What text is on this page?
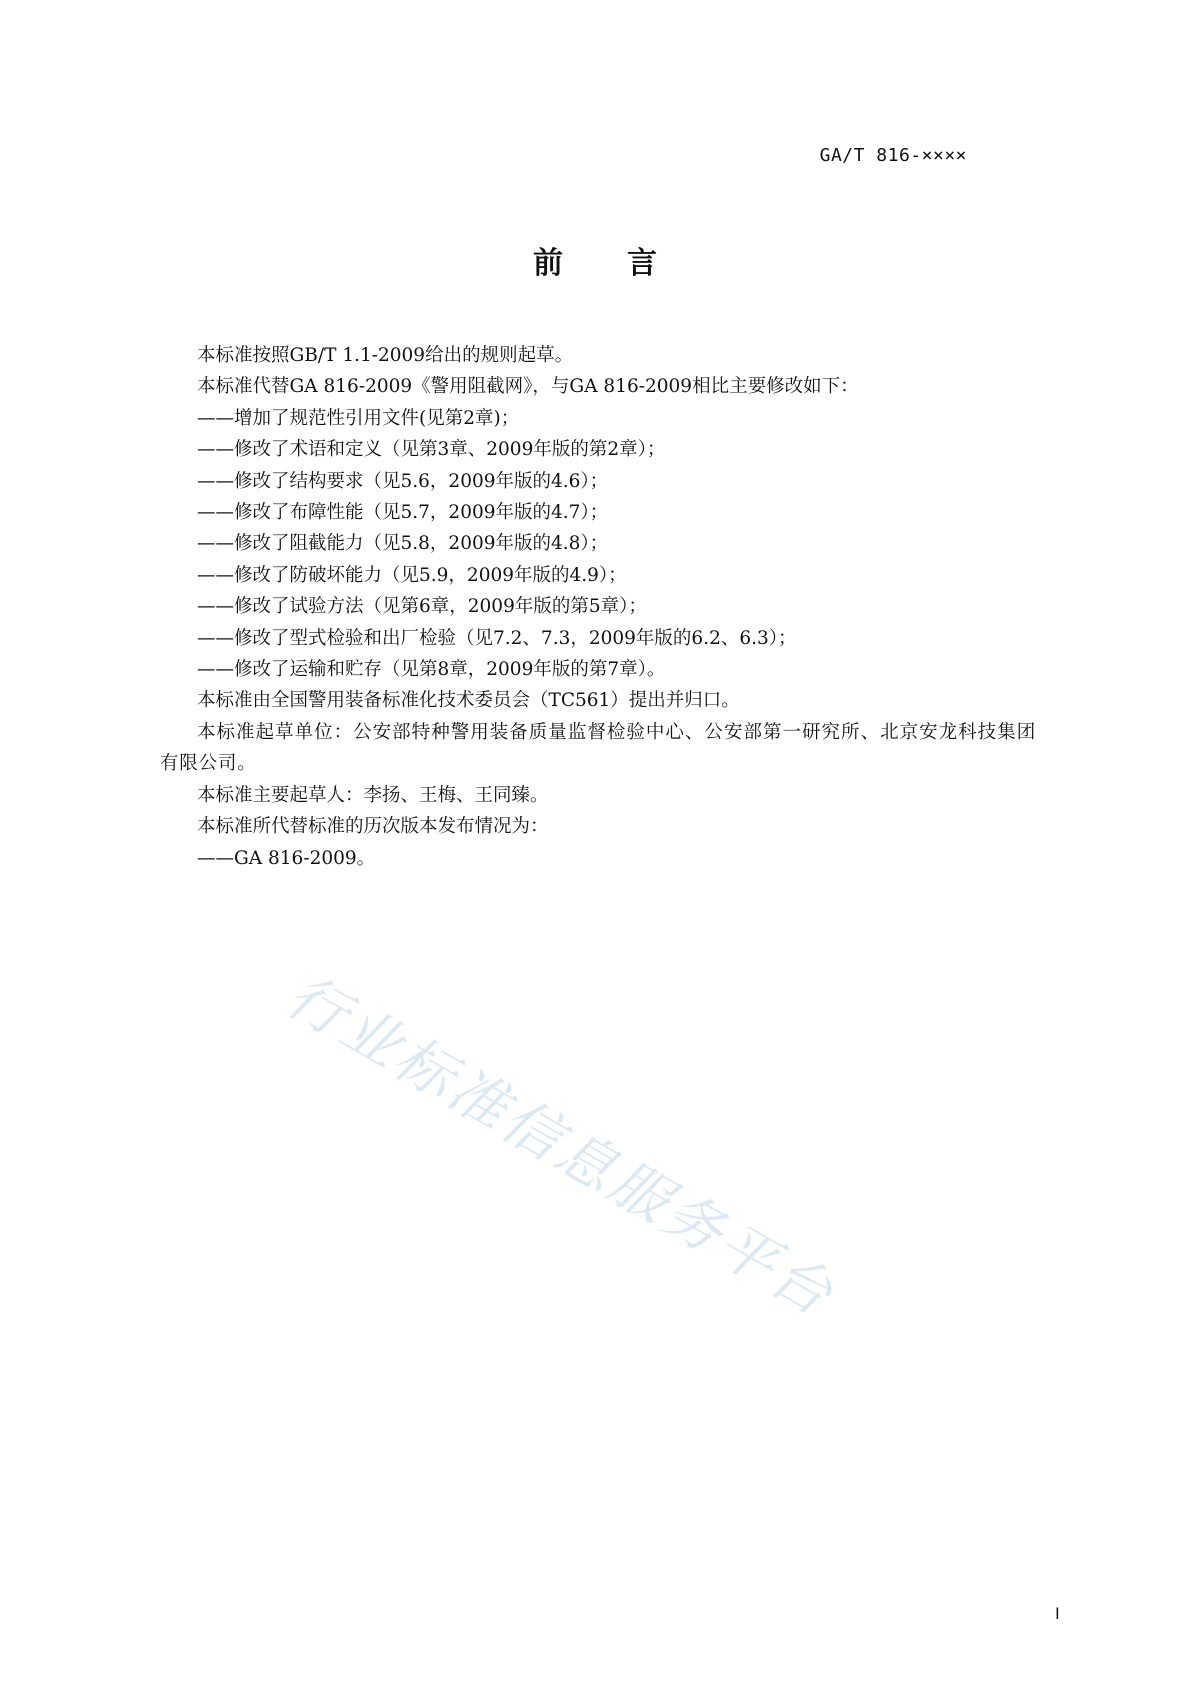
GA/T 816-××××
前 言

本标准按照GB/T 1.1-2009给出的规则起草。

本标准代替GA 816-2009《警用阻截网》，与GA 816-2009相比主要修改如下：

——增加了规范性引用文件(见第2章)；

——修改了术语和定义（见第3章、2009年版的第2章）；

——修改了结构要求（见5.6，2009年版的4.6）；

——修改了布障性能（见5.7，2009年版的4.7）；

——修改了阻截能力（见5.8，2009年版的4.8）；

——修改了防破坏能力（见5.9，2009年版的4.9）；

——修改了试验方法（见第6章，2009年版的第5章）；

——修改了型式检验和出厂检验（见7.2、7.3，2009年版的6.2、6.3）；

——修改了运输和贮存（见第8章，2009年版的第7章）。

本标准由全国警用装备标准化技术委员会（TC561）提出并归口。

本标准起草单位：公安部特种警用装备质量监督检验中心、公安部第一研究所、北京安龙科技集团有限公司。

本标准主要起草人：李扬、王梅、王同臻。

本标准所代替标准的历次版本发布情况为：

——GA 816-2009。

行业标准信息服务平台
I
